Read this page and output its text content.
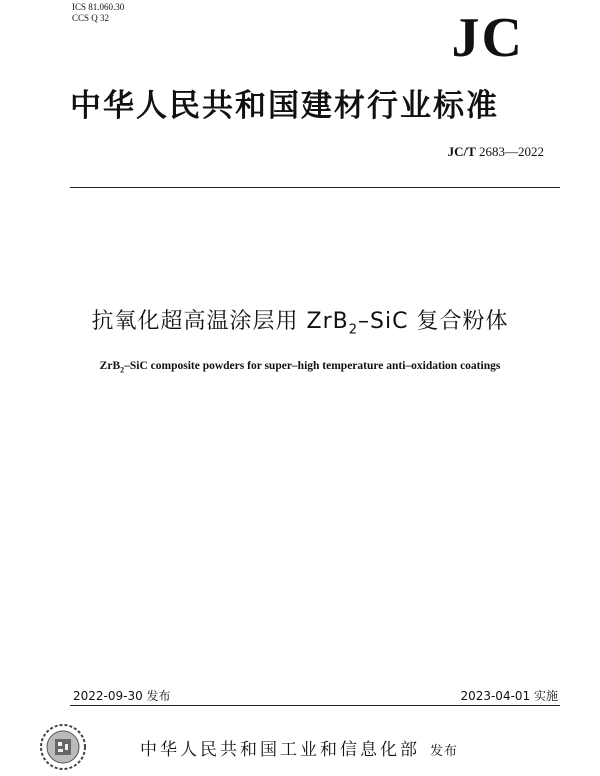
ICS 81.060.30
CCS Q 32	JC
中华人民共和国建材行业标准
JC/T 2683—2022
抗氧化超高温涂层用 ZrB$_2$–SiC 复合粉体
ZrB$_2$–SiC composite powders for super–high temperature anti–oxidation coatings
2022-09-30 发布	2023-04-01 实施
中华人民共和国工业和信息化部 发布
